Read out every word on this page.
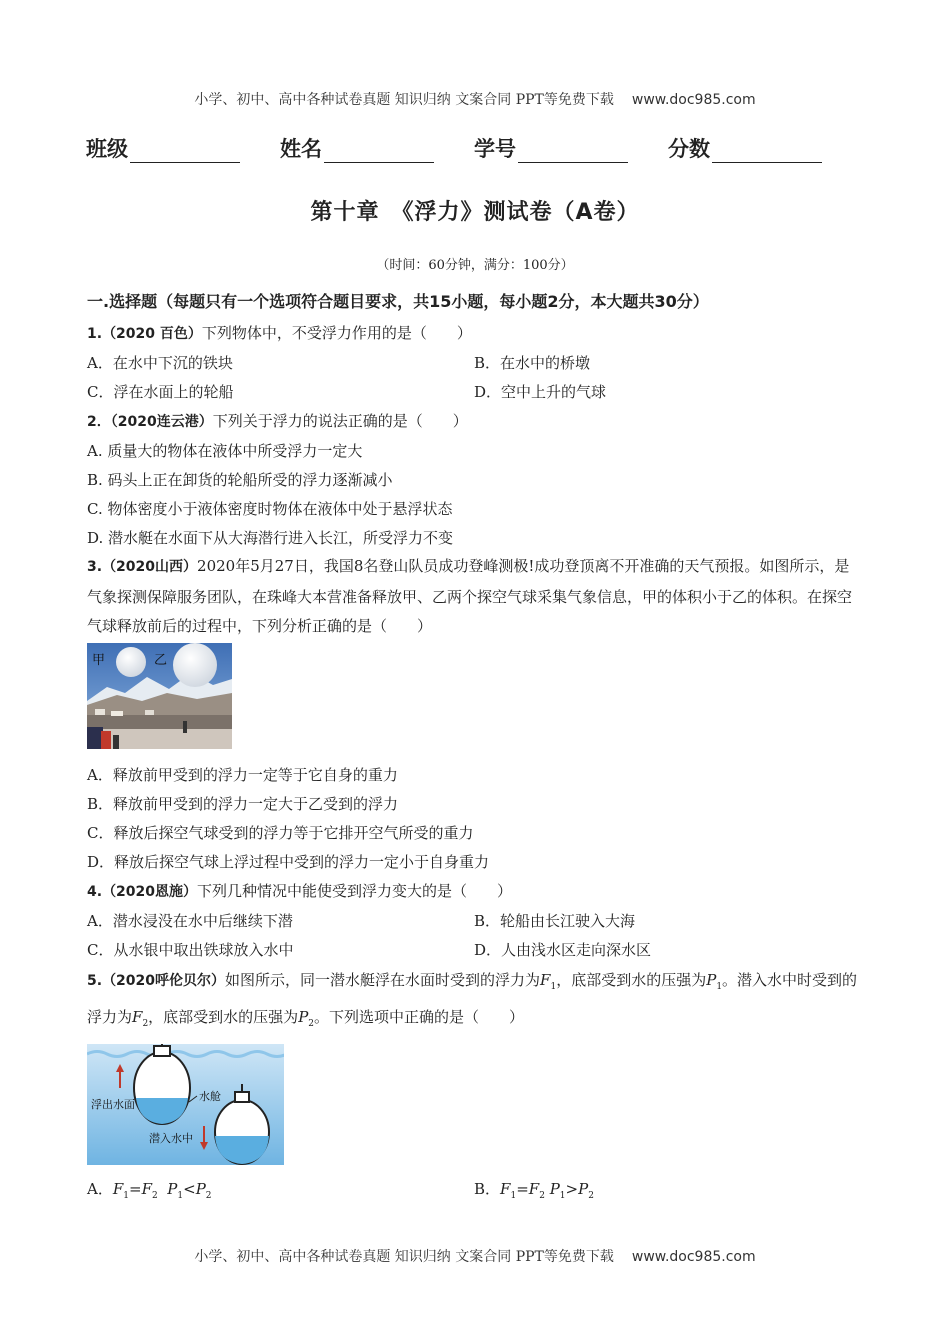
小学、初中、高中各种试卷真题 知识归纳 文案合同 PPT等免费下载 www.doc985.com
班级	姓名	学号	分数
第十章　《浮力》测试卷（A卷）
（时间：60分钟，满分：100分）
一.选择题（每题只有一个选项符合题目要求，共15小题，每小题2分，本大题共30分）
1.（2020 百色）下列物体中，不受浮力作用的是（　　）
A．在水中下沉的铁块	B．在水中的桥墩
C．浮在水面上的轮船	D．空中上升的气球
2．（2020连云港）下列关于浮力的说法正确的是（　　）
A. 质量大的物体在液体中所受浮力一定大
B. 码头上正在卸货的轮船所受的浮力逐渐减小
C. 物体密度小于液体密度时物体在液体中处于悬浮状态
D. 潜水艇在水面下从大海潜行进入长江，所受浮力不变
3.（2020山西）2020年5月27日，我国8名登山队员成功登峰测极!成功登顶离不开准确的天气预报。如图所示，是气象探测保障服务团队，在珠峰大本营准备释放甲、乙两个探空气球采集气象信息，甲的体积小于乙的体积。在探空气球释放前后的过程中，下列分析正确的是（　　）
甲	乙
A．释放前甲受到的浮力一定等于它自身的重力
B．释放前甲受到的浮力一定大于乙受到的浮力
C．释放后探空气球受到的浮力等于它排开空气所受的重力
D．释放后探空气球上浮过程中受到的浮力一定小于自身重力
4.（2020恩施）下列几种情况中能使受到浮力变大的是（　　）
A．潜水浸没在水中后继续下潜	B．轮船由长江驶入大海
C．从水银中取出铁球放入水中	D．人由浅水区走向深水区
5.（2020呼伦贝尔）如图所示，同一潜水艇浮在水面时受到的浮力为$F_1$，底部受到水的压强为$P_1$。潜入水中时受到的浮力为$F_2$，底部受到水的压强为$P_2$。下列选项中正确的是（　　）
浮出水面
水舱
潜入水中
A．$F_1=F_2$ $P_1<P_2$	B．$F_1=F_2$ $P_1>P_2$
小学、初中、高中各种试卷真题 知识归纳 文案合同 PPT等免费下载 www.doc985.com
